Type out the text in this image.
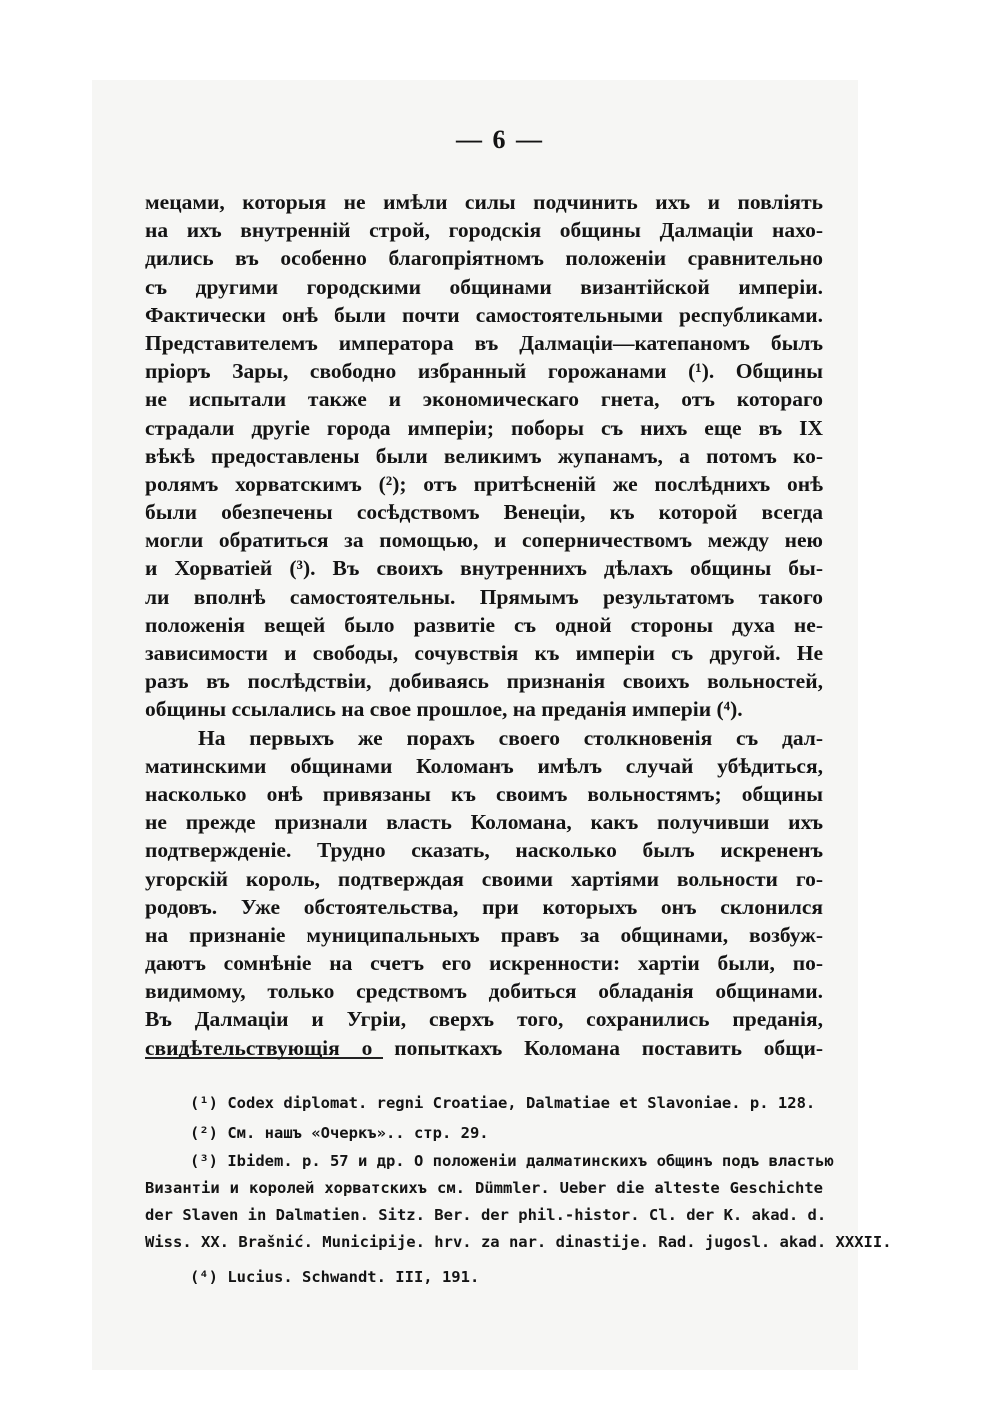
— 6 —
мецами, которыя не имѣли силы подчинить ихъ и повліять
на ихъ внутренній строй, городскія общины Далмаціи нахо-
дились въ особенно благопріятномъ положеніи сравнительно
съ другими городскими общинами византійской имперіи.
Фактически онѣ были почти самостоятельными республиками.
Представителемъ императора въ Далмаціи—катепаномъ былъ
пріоръ Зары, свободно избранный горожанами (¹). Общины
не испытали также и экономическаго гнета, отъ котораго
страдали другіе города имперіи; поборы съ нихъ еще въ IX
вѣкѣ предоставлены были великимъ жупанамъ, а потомъ ко-
ролямъ хорватскимъ (²); отъ притѣсненій же послѣднихъ онѣ
были обезпечены сосѣдствомъ Венеціи, къ которой всегда
могли обратиться за помощью, и соперничествомъ между нею
и Хорватіей (³). Въ своихъ внутреннихъ дѣлахъ общины бы-
ли вполнѣ самостоятельны. Прямымъ результатомъ такого
положенія вещей было развитіе съ одной стороны духа не-
зависимости и свободы, сочувствія къ имперіи съ другой. Не
разъ въ послѣдствіи, добиваясь признанія своихъ вольностей,
общины ссылались на свое прошлое, на преданія имперіи (⁴).
На первыхъ же порахъ своего столкновенія съ дал-
матинскими общинами Коломанъ имѣлъ случай убѣдиться,
насколько онѣ привязаны къ своимъ вольностямъ; общины
не прежде признали власть Коломана, какъ получивши ихъ
подтвержденіе. Трудно сказать, насколько былъ искрененъ
угорскій король, подтверждая своими хартіями вольности го-
родовъ. Уже обстоятельства, при которыхъ онъ склонился
на признаніе муниципальныхъ правъ за общинами, возбуж-
даютъ сомнѣніе на счетъ его искренности: хартіи были, по-
видимому, только средствомъ добиться обладанія общинами.
Въ Далмаціи и Угріи, сверхъ того, сохранились преданія,
свидѣтельствующія о попыткахъ Коломана поставить общи-
(¹) Codex diplomat. regni Croatiae, Dalmatiae et Slavoniae. p. 128.
(²) См. нашъ «Очеркъ».. стр. 29.
(³) Ibidem. p. 57 и др. О положеніи далматинскихъ общинъ подъ властью
Византіи и королей хорватскихъ см. Dümmler. Ueber die alteste Geschichte
der Slaven in Dalmatien. Sitz. Ber. der phil.-histor. Cl. der K. akad. d.
Wiss. XX. Brašnić. Municipije. hrv. za nar. dinastije. Rad. jugosl. akad. XXXII.
(⁴) Lucius. Schwandt. III, 191.
